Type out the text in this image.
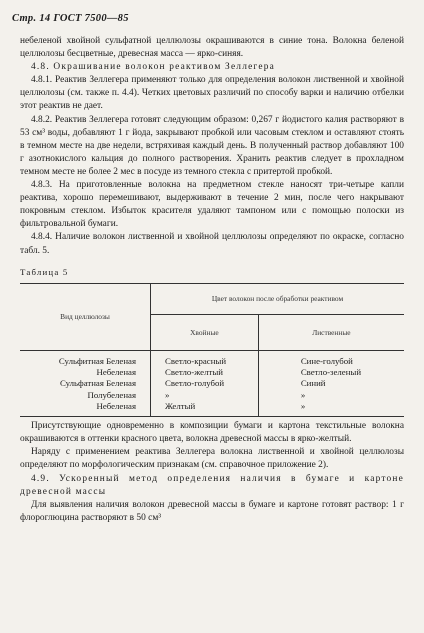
Стр. 14 ГОСТ 7500—85

небеленой хвойной сульфатной целлюлозы окрашиваются в синие тона. Волокна беленой целлюлозы бесцветные, древесная масса — ярко-синяя.

4.8. Окрашивание волокон реактивом Зеллегера

4.8.1. Реактив Зеллегера применяют только для определения волокон лиственной и хвойной целлюлозы (см. также п. 4.4). Четких цветовых различий по способу варки и наличию отбелки этот реактив не дает.

4.8.2. Реактив Зеллегера готовят следующим образом: 0,267 г йодистого калия растворяют в 53 см³ воды, добавляют 1 г йода, закрывают пробкой или часовым стеклом и оставляют стоять в темном месте на две недели, встряхивая каждый день. В полученный раствор добавляют 100 г азотнокислого кальция до полного растворения. Хранить реактив следует в прохладном темном месте не более 2 мес в посуде из темного стекла с притертой пробкой.

4.8.3. На приготовленные волокна на предметном стекле наносят три-четыре капли реактива, хорошо перемешивают, выдерживают в течение 2 мин, после чего накрывают покровным стеклом. Избыток красителя удаляют тампоном или с помощью полоски из фильтровальной бумаги.

4.8.4. Наличие волокон лиственной и хвойной целлюлозы определяют по окраске, согласно табл. 5.

Таблица 5

Вид целлюлозы	Цвет волокон после обработки реактивом	
	Хвойные	Лиственные
Сульфитная Беленая	Светло-красный	Сине-голубой
Небеленая	Светло-желтый	Светло-зеленый
Сульфатная Беленая	Светло-голубой	Синий
Полубеленая	»	»
Небеленая	Желтый	»

Присутствующие одновременно в композиции бумаги и картона текстильные волокна окрашиваются в оттенки красного цвета, волокна древесной массы в ярко-желтый.

Наряду с применением реактива Зеллегера волокна лиственной и хвойной целлюлозы определяют по морфологическим признакам (см. справочное приложение 2).

4.9. Ускоренный метод определения наличия в бумаге и картоне древесной массы

Для выявления наличия волокон древесной массы в бумаге и картоне готовят раствор: 1 г флороглюцина растворяют в 50 см³
